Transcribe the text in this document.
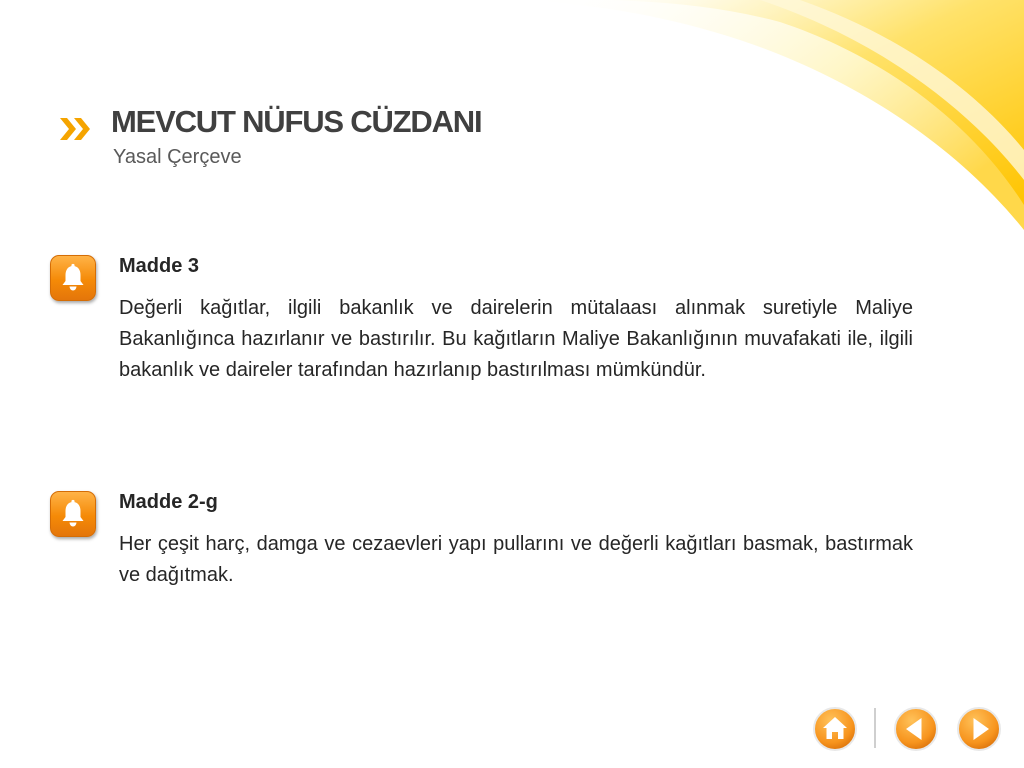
MEVCUT NÜFUS CÜZDANI
Yasal Çerçeve
Madde 3

Değerli kağıtlar, ilgili bakanlık ve dairelerin mütalaası alınmak suretiyle Maliye Bakanlığınca hazırlanır ve bastırılır. Bu kağıtların Maliye Bakanlığının muvafakati ile, ilgili bakanlık ve daireler tarafından hazırlanıp bastırılması mümkündür.

Madde 2-g

Her çeşit harç, damga ve cezaevleri yapı pullarını ve değerli kağıtları basmak, bastırmak ve dağıtmak.
